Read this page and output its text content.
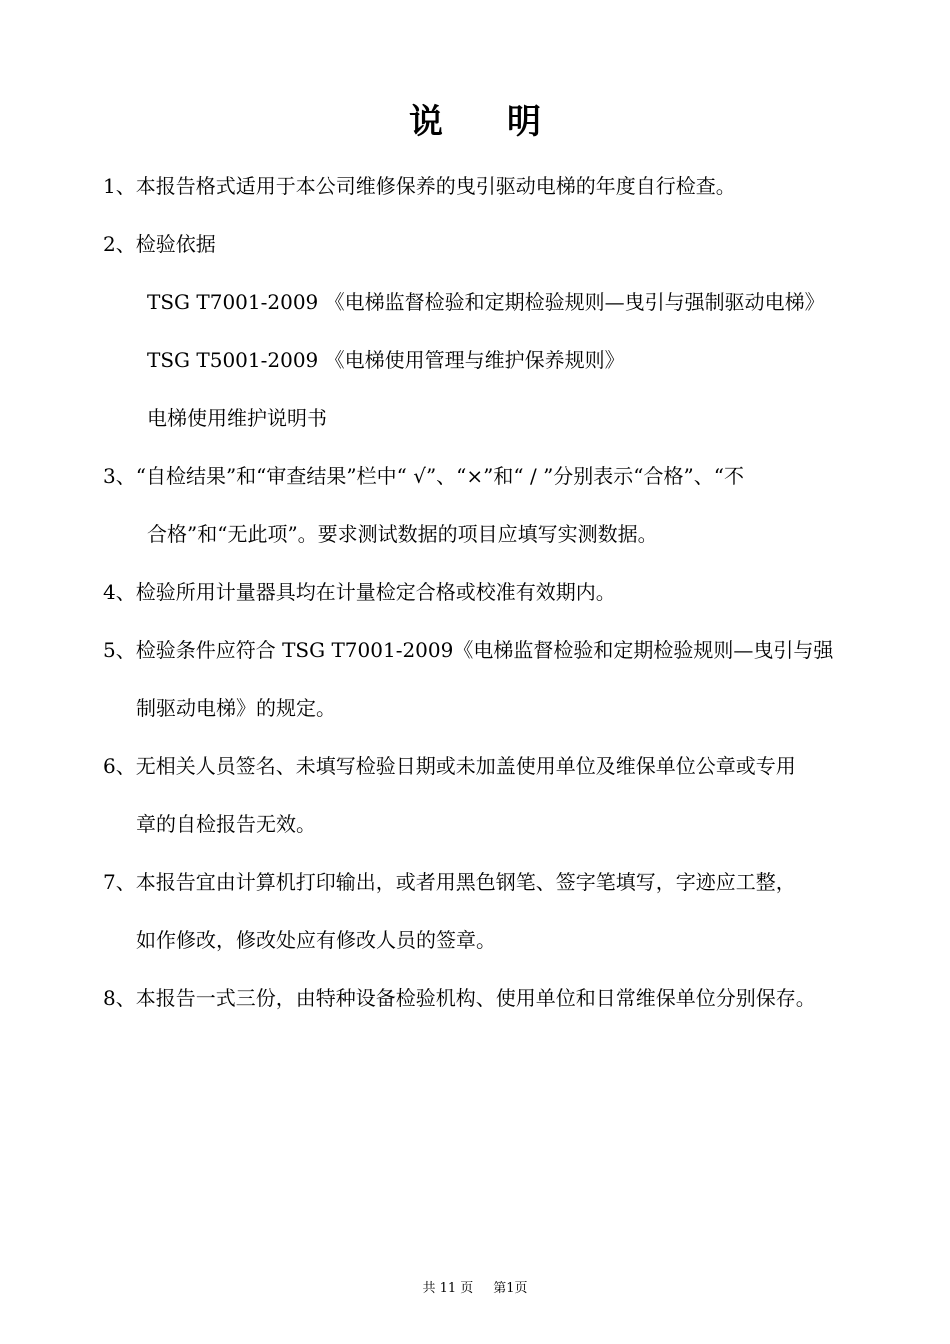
说明
1、本报告格式适用于本公司维修保养的曳引驱动电梯的年度自行检查。
2、检验依据
TSG T7001-2009 《电梯监督检验和定期检验规则—曳引与强制驱动电梯》
TSG T5001-2009 《电梯使用管理与维护保养规则》
电梯使用维护说明书
3、“自检结果”和“审查结果”栏中“ √”、“×”和“ / ”分别表示“合格”、“不
合格”和“无此项”。要求测试数据的项目应填写实测数据。
4、检验所用计量器具均在计量检定合格或校准有效期内。
5、检验条件应符合 TSG T7001-2009《电梯监督检验和定期检验规则—曳引与强
制驱动电梯》的规定。
6、无相关人员签名、未填写检验日期或未加盖使用单位及维保单位公章或专用
章的自检报告无效。
7、本报告宜由计算机打印输出，或者用黑色钢笔、签字笔填写，字迹应工整，
如作修改，修改处应有修改人员的签章。
8、本报告一式三份，由特种设备检验机构、使用单位和日常维保单位分别保存。
共 11 页 第1页
